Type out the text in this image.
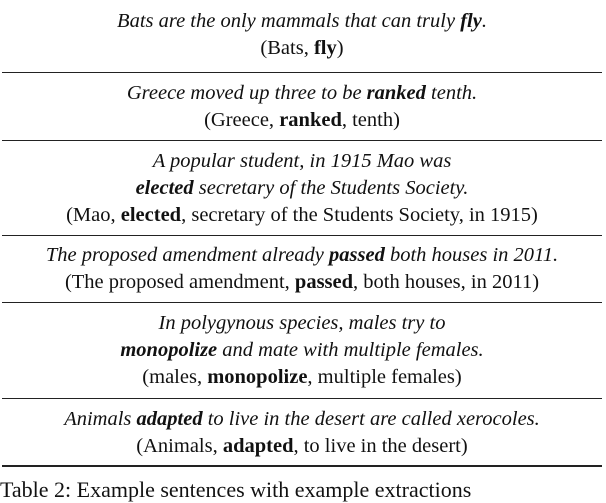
Bats are the only mammals that can truly fly.
(Bats, fly)
Greece moved up three to be ranked tenth.
(Greece, ranked, tenth)
A popular student, in 1915 Mao was
elected secretary of the Students Society.
(Mao, elected, secretary of the Students Society, in 1915)
The proposed amendment already passed both houses in 2011.
(The proposed amendment, passed, both houses, in 2011)
In polygynous species, males try to
monopolize and mate with multiple females.
(males, monopolize, multiple females)
Animals adapted to live in the desert are called xerocoles.
(Animals, adapted, to live in the desert)
Table 2: Example sentences with example extractions
